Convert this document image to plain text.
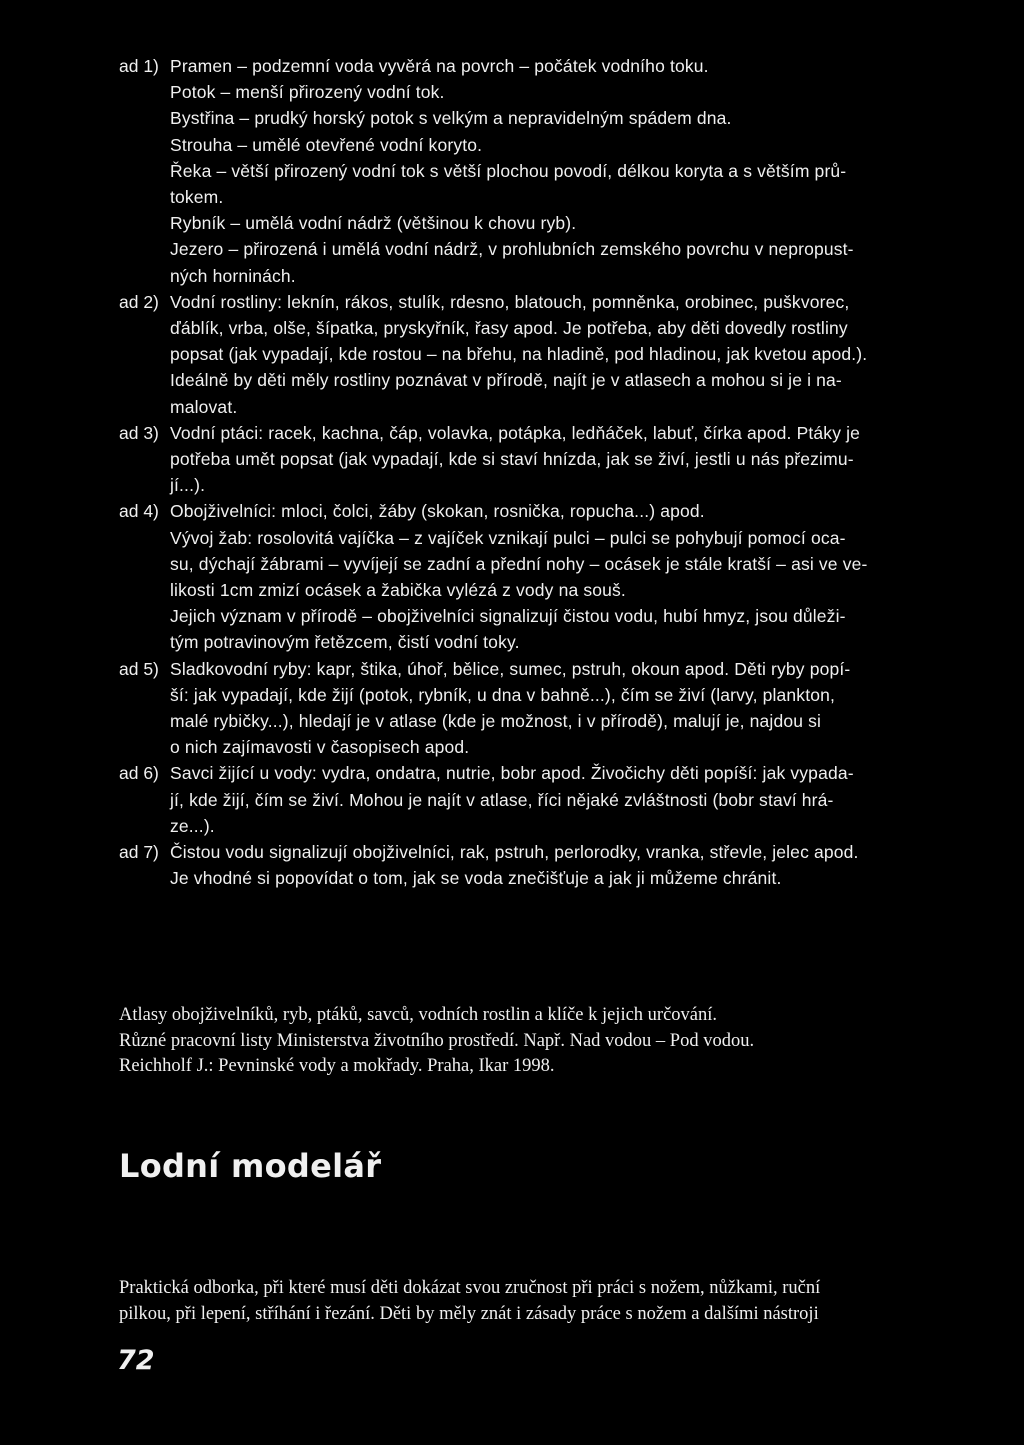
ad 1) Pramen – podzemní voda vyvěrá na povrch – počátek vodního toku.

Potok – menší přirozený vodní tok.

Bystřina – prudký horský potok s velkým a nepravidelným spádem dna.

Strouha – umělé otevřené vodní koryto.

Řeka – větší přirozený vodní tok s větší plochou povodí, délkou koryta a s větším prů-
tokem.

Rybník – umělá vodní nádrž (většinou k chovu ryb).

Jezero – přirozená i umělá vodní nádrž, v prohlubních zemského povrchu v nepropust-
ných horninách.

ad 2) Vodní rostliny: leknín, rákos, stulík, rdesno, blatouch, pomněnka, orobinec, puškvorec,
ďáblík, vrba, olše, šípatka, pryskyřník, řasy apod. Je potřeba, aby děti dovedly rostliny
popsat (jak vypadají, kde rostou – na břehu, na hladině, pod hladinou, jak kvetou apod.).
Ideálně by děti měly rostliny poznávat v přírodě, najít je v atlasech a mohou si je i na-
malovat.

ad 3) Vodní ptáci: racek, kachna, čáp, volavka, potápka, ledňáček, labuť, čírka apod. Ptáky je
potřeba umět popsat (jak vypadají, kde si staví hnízda, jak se živí, jestli u nás přezimu-
jí...).

ad 4) Obojživelníci: mloci, čolci, žáby (skokan, rosnička, ropucha...) apod.

Vývoj žab: rosolovitá vajíčka – z vajíček vznikají pulci – pulci se pohybují pomocí oca-
su, dýchají žábrami – vyvíjejí se zadní a přední nohy – ocásek je stále kratší – asi ve ve-
likosti 1cm zmizí ocásek a žabička vylézá z vody na souš.

Jejich význam v přírodě – obojživelníci signalizují čistou vodu, hubí hmyz, jsou důleži-
tým potravinovým řetězcem, čistí vodní toky.

ad 5) Sladkovodní ryby: kapr, štika, úhoř, bělice, sumec, pstruh, okoun apod. Děti ryby popí-
ší: jak vypadají, kde žijí (potok, rybník, u dna v bahně...), čím se živí (larvy, plankton,
malé rybičky...), hledají je v atlase (kde je možnost, i v přírodě), malují je, najdou si
o nich zajímavosti v časopisech apod.

ad 6) Savci žijící u vody: vydra, ondatra, nutrie, bobr apod. Živočichy děti popíší: jak vypada-
jí, kde žijí, čím se živí. Mohou je najít v atlase, říci nějaké zvláštnosti (bobr staví hrá-
ze...).

ad 7) Čistou vodu signalizují obojživelníci, rak, pstruh, perlorodky, vranka, střevle, jelec apod.
Je vhodné si popovídat o tom, jak se voda znečišťuje a jak ji můžeme chránit.

Atlasy obojživelníků, ryb, ptáků, savců, vodních rostlin a klíče k jejich určování.

Různé pracovní listy Ministerstva životního prostředí. Např. Nad vodou – Pod vodou.

Reichholf J.: Pevninské vody a mokřady. Praha, Ikar 1998.

Lodní modelář

Praktická odborka, při které musí děti dokázat svou zručnost při práci s nožem, nůžkami, ruční
pilkou, při lepení, stříhání i řezání. Děti by měly znát i zásady práce s nožem a dalšími nástroji

72
